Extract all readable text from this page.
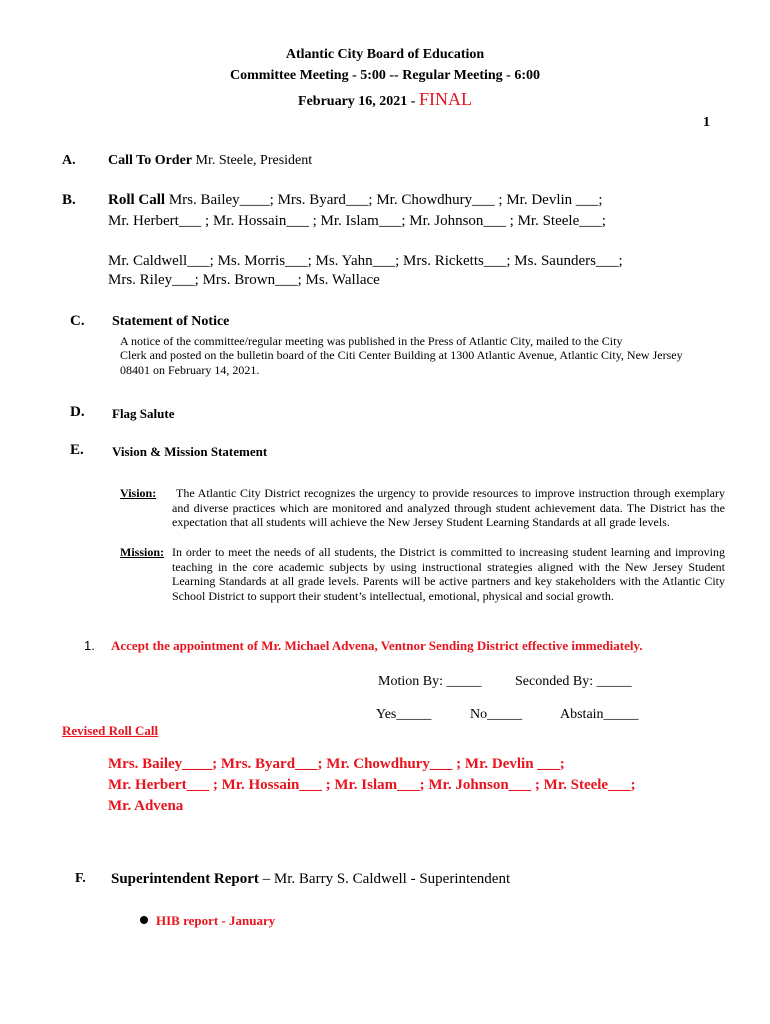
Atlantic City Board of Education
Committee Meeting - 5:00 -- Regular Meeting - 6:00
February 16, 2021 - FINAL
1
A. Call To Order Mr. Steele, President
B. Roll Call Mrs. Bailey____; Mrs. Byard___; Mr. Chowdhury___ ; Mr. Devlin ___;
Mr. Herbert___ ; Mr. Hossain___ ; Mr. Islam___; Mr. Johnson___ ; Mr. Steele___;
Mr. Caldwell___; Ms. Morris___; Ms. Yahn___; Mrs. Ricketts___; Ms. Saunders___;
Mrs. Riley___; Mrs. Brown___; Ms. Wallace
C. Statement of Notice
A notice of the committee/regular meeting was published in the Press of Atlantic City, mailed to the City
Clerk and posted on the bulletin board of the Citi Center Building at 1300 Atlantic Avenue, Atlantic City, New Jersey
08401 on February 14, 2021.
D. Flag Salute
E. Vision & Mission Statement
Vision:	The Atlantic City District recognizes the urgency to provide resources to improve instruction through exemplary and diverse practices which are monitored and analyzed through student achievement data. The District has the expectation that all students will achieve the New Jersey Student Learning Standards at all grade levels.
Mission: In order to meet the needs of all students, the District is committed to increasing student learning and improving teaching in the core academic subjects by using instructional strategies aligned with the New Jersey Student Learning Standards at all grade levels. Parents will be active partners and key stakeholders with the Atlantic City School District to support their student’s intellectual, emotional, physical and social growth.
1. Accept the appointment of Mr. Michael Advena, Ventnor Sending District effective immediately.
Motion By: _____ Seconded By: _____
Yes_____	No_____	Abstain_____
Revised Roll Call
Mrs. Bailey____; Mrs. Byard___; Mr. Chowdhury___ ; Mr. Devlin ___;
Mr. Herbert___ ; Mr. Hossain___ ; Mr. Islam___; Mr. Johnson___ ; Mr. Steele___;
Mr. Advena
F. Superintendent Report – Mr. Barry S. Caldwell - Superintendent
HIB report - January
